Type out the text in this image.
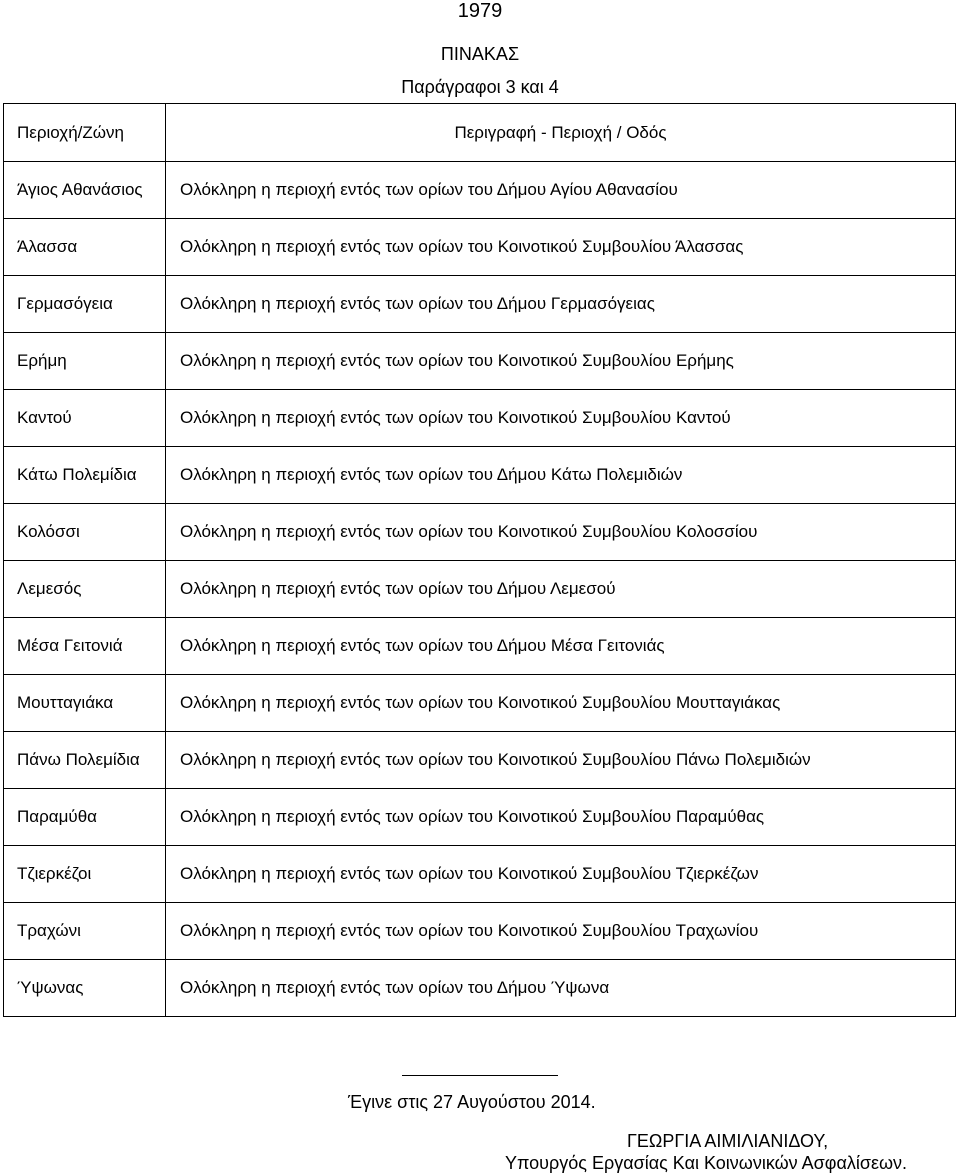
1979
ΠΙΝΑΚΑΣ
Παράγραφοι 3 και 4
Περιοχή/Ζώνη	Περιγραφή - Περιοχή / Οδός
Άγιος Αθανάσιος	Ολόκληρη η περιοχή εντός των ορίων του Δήμου Αγίου Αθανασίου
Άλασσα	Ολόκληρη η περιοχή εντός των ορίων του Κοινοτικού Συμβουλίου Άλασσας
Γερμασόγεια	Ολόκληρη η περιοχή εντός των ορίων του Δήμου Γερμασόγειας
Ερήμη	Ολόκληρη η περιοχή εντός των ορίων του Κοινοτικού Συμβουλίου Ερήμης
Καντού	Ολόκληρη η περιοχή εντός των ορίων του Κοινοτικού Συμβουλίου Καντού
Κάτω Πολεμίδια	Ολόκληρη η περιοχή εντός των ορίων του Δήμου Κάτω Πολεμιδιών
Κολόσσι	Ολόκληρη η περιοχή εντός των ορίων του Κοινοτικού Συμβουλίου Κολοσσίου
Λεμεσός	Ολόκληρη η περιοχή εντός των ορίων του Δήμου Λεμεσού
Μέσα Γειτονιά	Ολόκληρη η περιοχή εντός των ορίων του Δήμου Μέσα Γειτονιάς
Μουτταγιάκα	Ολόκληρη η περιοχή εντός των ορίων του Κοινοτικού Συμβουλίου Μουτταγιάκας
Πάνω Πολεμίδια	Ολόκληρη η περιοχή εντός των ορίων του Κοινοτικού Συμβουλίου Πάνω Πολεμιδιών
Παραμύθα	Ολόκληρη η περιοχή εντός των ορίων του Κοινοτικού Συμβουλίου Παραμύθας
Τζιερκέζοι	Ολόκληρη η περιοχή εντός των ορίων του Κοινοτικού Συμβουλίου Τζιερκέζων
Τραχώνι	Ολόκληρη η περιοχή εντός των ορίων του Κοινοτικού Συμβουλίου Τραχωνίου
Ύψωνας	Ολόκληρη η περιοχή εντός των ορίων του Δήμου Ύψωνα
Έγινε στις 27 Αυγούστου 2014.
ΓΕΩΡΓΙΑ ΑΙΜΙΛΙΑΝΙΔΟΥ,
Υπουργός Εργασίας Και Κοινωνικών Ασφαλίσεων.
